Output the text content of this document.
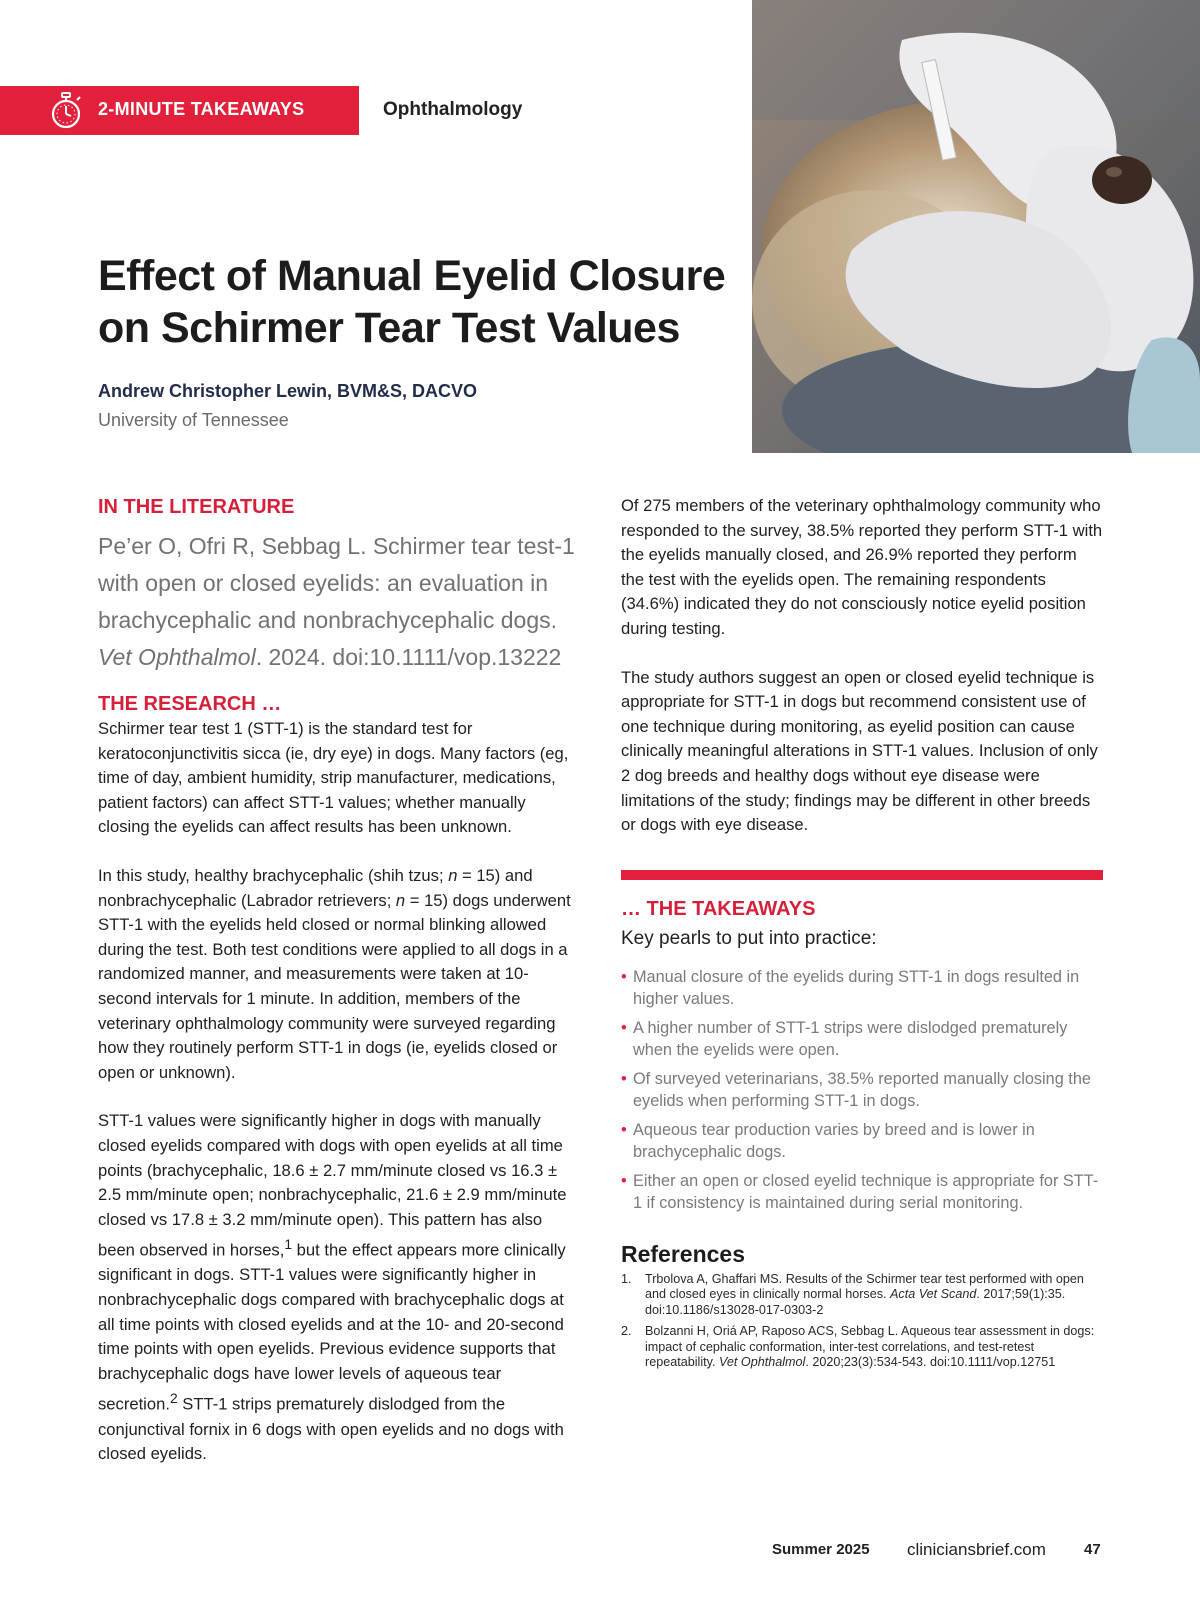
2-MINUTE TAKEAWAYS	Ophthalmology
Effect of Manual Eyelid Closure
on Schirmer Tear Test Values
Andrew Christopher Lewin, BVM&S, DACVO
University of Tennessee
IN THE LITERATURE

Pe’er O, Ofri R, Sebbag L. Schirmer tear test-1 with open or closed eyelids: an evaluation in brachycephalic and nonbrachycephalic dogs. Vet Ophthalmol. 2024. doi:10.1111/vop.13222

THE RESEARCH …

Schirmer tear test 1 (STT-1) is the standard test for keratoconjunctivitis sicca (ie, dry eye) in dogs. Many factors (eg, time of day, ambient humidity, strip manufacturer, medications, patient factors) can affect STT-1 values; whether manually closing the eyelids can affect results has been unknown.

In this study, healthy brachycephalic (shih tzus; n = 15) and nonbrachycephalic (Labrador retrievers; n = 15) dogs underwent STT-1 with the eyelids held closed or normal blinking allowed during the test. Both test conditions were applied to all dogs in a randomized manner, and measurements were taken at 10-second intervals for 1 minute. In addition, members of the veterinary ophthalmology community were surveyed regarding how they routinely perform STT-1 in dogs (ie, eyelids closed or open or unknown).

STT-1 values were significantly higher in dogs with manually closed eyelids compared with dogs with open eyelids at all time points (brachycephalic, 18.6 ± 2.7 mm/minute closed vs 16.3 ± 2.5 mm/minute open; nonbrachycephalic, 21.6 ± 2.9 mm/minute closed vs 17.8 ± 3.2 mm/minute open). This pattern has also been observed in horses,$^1$ but the effect appears more clinically significant in dogs. STT-1 values were significantly higher in nonbrachycephalic dogs compared with brachycephalic dogs at all time points with closed eyelids and at the 10- and 20-second time points with open eyelids. Previous evidence supports that brachycephalic dogs have lower levels of aqueous tear secretion.$^2$ STT-1 strips prematurely dislodged from the conjunctival fornix in 6 dogs with open eyelids and no dogs with closed eyelids.

Of 275 members of the veterinary ophthalmology community who responded to the survey, 38.5% reported they perform STT-1 with the eyelids manually closed, and 26.9% reported they perform the test with the eyelids open. The remaining respondents (34.6%) indicated they do not consciously notice eyelid position during testing.

The study authors suggest an open or closed eyelid technique is appropriate for STT-1 in dogs but recommend consistent use of one technique during monitoring, as eyelid position can cause clinically meaningful alterations in STT-1 values. Inclusion of only 2 dog breeds and healthy dogs without eye disease were limitations of the study; findings may be different in other breeds or dogs with eye disease.

… THE TAKEAWAYS

Key pearls to put into practice:

• Manual closure of the eyelids during STT-1 in dogs resulted in higher values.
• A higher number of STT-1 strips were dislodged prematurely when the eyelids were open.
• Of surveyed veterinarians, 38.5% reported manually closing the eyelids when performing STT-1 in dogs.
• Aqueous tear production varies by breed and is lower in brachycephalic dogs.
• Either an open or closed eyelid technique is appropriate for STT-1 if consistency is maintained during serial monitoring.
References
1. Trbolova A, Ghaffari MS. Results of the Schirmer tear test performed with open and closed eyes in clinically normal horses. Acta Vet Scand. 2017;59(1):35. doi:10.1186/s13028-017-0303-2
2. Bolzanni H, Oriá AP, Raposo ACS, Sebbag L. Aqueous tear assessment in dogs: impact of cephalic conformation, inter-test correlations, and test-retest repeatability. Vet Ophthalmol. 2020;23(3):534-543. doi:10.1111/vop.12751
Summer 2025 cliniciansbrief.com	47
